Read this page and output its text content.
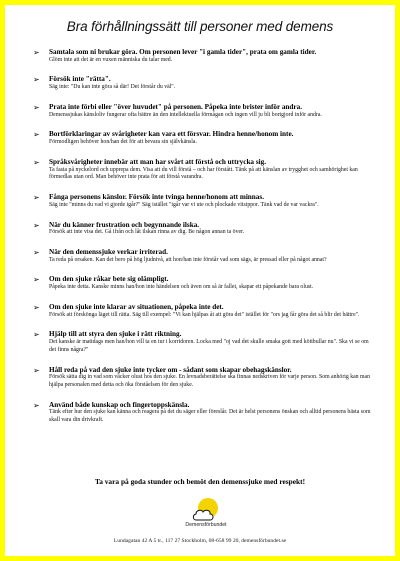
Bra förhållningssätt till personer med demens
➢ Samtala som ni brukar göra. Om personen lever "i gamla tider", prata om gamla tider.
Glöm inte att det är en vuxen människa du talar med.
➢ Försök inte "rätta".
Säg inte: "Du kan inte göra så där! Det förstår du väl".
➢ Prata inte förbi eller "över huvudet" på personen. Påpeka inte brister inför andra.
Demenssjukas känsloliv fungerar ofta bättre än den intellektuella förmågan och ingen vill ju bli bortgjord inför andra.
➢ Bortförklaringar av svårigheter kan vara ett försvar. Hindra henne/honom inte.
Förmodligen behöver hon/han det för att bevara sin självkänsla.
➢ Språksvårigheter innebär att man har svårt att förstå och uttrycka sig.
Ta fasta på nyckelord och upprepa dem. Visa att du vill förstå – och har förstått. Tänk på att känslan av trygghet och samhörighet kan förmedlas utan ord. Man behöver inte prata för att förstå varandra.
➢ Fånga personens känslor. Försök inte tvinga henne/honom att minnas.
Säg inte "minns du vad vi gjorde igår?" Säg istället "igår var vi ute och plockade vitsippor. Tänk vad de var vackra".
➢ När du känner frustration och begynnande ilska.
Försök att inte visa det. Gå ifrån och låt ilskan rinna av dig. Be någon annan ta över.
➢ När den demenssjuke verkar irriterad.
Ta reda på orsaken. Kan det bero på hög ljudnivå, att hon/han inte förstår vad som sägs, är pressad eller på något annat?
➢ Om den sjuke råkar bete sig olämpligt.
Påpeka inte detta. Kanske minns han/hon inte händelsen och även om så är fallet, skapar ett påpekande bara olust.
➢ Om den sjuke inte klarar av situationen, påpeka inte det.
Försök att förskönga läget till rätta. Säg till exempel: "Vi kan hjälpas åt att göra det" istället för "ors jag får göra det så blir det bättre".
➢ Hjälp till att styra den sjuke i rätt riktning.
Det kanske är mattdags men han/hon vill ta en tur i korridoren. Locka med "oj vad det skulle smaka gott med köttbullar nu". Ska vi se om det finns några?"
➢ Håll reda på vad den sjuke inte tycker om - sådant som skapar obehagskänslor.
Försök sätta dig in vad som väcker olust hos den sjuke. En levnadsberättelse ska finnas nedskriven för varje person. Som anhörig kan man hjälpa personalen med detta och öka förståelsen för den sjuke.
➢ Använd både kunskap och fingertoppskänsla.
Tänk efter hur den sjuke kan känna och reagera på det du säger eller föreslår. Det är helst personens önskan och alltid personens bästa som skall vara din drivkraft.
Ta vara på goda stunder och bemöt den demenssjuke med respekt!
Demensförbundet
Lundagatan 42 A 5 tr., 117 27 Stockholm, 08-658 99 20, demensförbundet.se
